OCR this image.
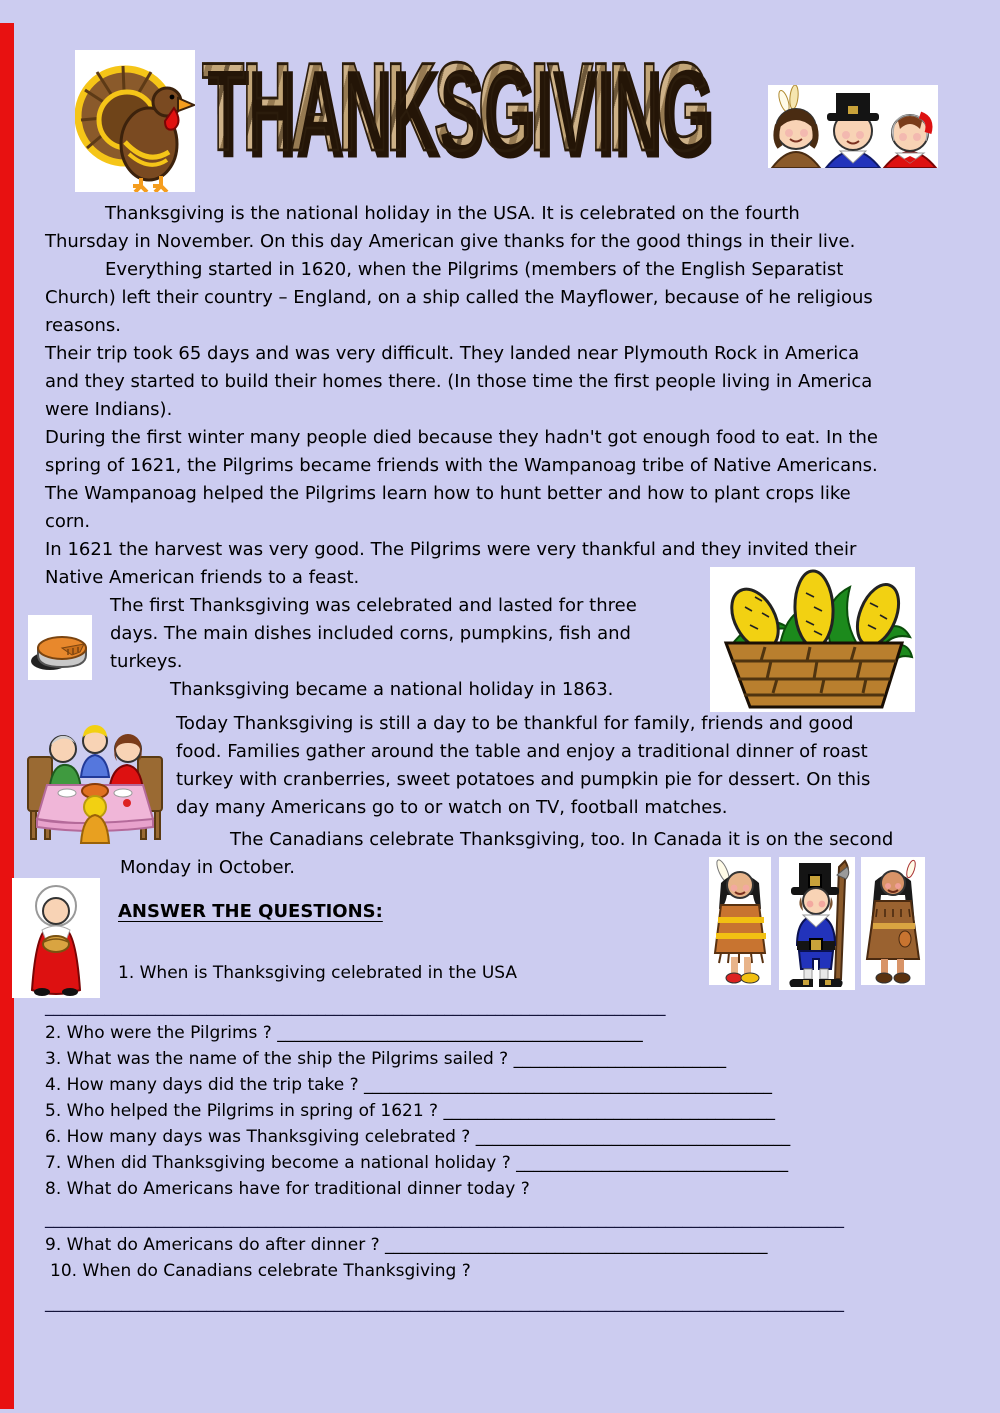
THANKSGIVING THANKSGIVING
Thanksgiving is the national holiday in the USA. It is celebrated on the fourth
Thursday in November. On this day American give thanks for the good things in their live.
Everything started in 1620, when the Pilgrims (members of the English Separatist
Church) left their country – England, on a ship called the Mayflower, because of he religious
reasons.
Their trip took 65 days and was very difficult. They landed near Plymouth Rock in America
and they started to build their homes there. (In those time the first people living in America
were Indians).
During the first winter many people died because they hadn't got enough food to eat. In the
spring of 1621, the Pilgrims became friends with the Wampanoag tribe of Native Americans.
The Wampanoag helped the Pilgrims learn how to hunt better and how to plant crops like
corn.
In 1621 the harvest was very good. The Pilgrims were very thankful and they invited their
Native American friends to a feast.
The first Thanksgiving was celebrated and lasted for three
days. The main dishes included corns, pumpkins, fish and
turkeys.
Thanksgiving became a national holiday in 1863.
Today Thanksgiving is still a day to be thankful for family, friends and good
food. Families gather around the table and enjoy a traditional dinner of roast
turkey with cranberries, sweet potatoes and pumpkin pie for dessert. On this
day many Americans go to or watch on TV, football matches.
The Canadians celebrate Thanksgiving, too. In Canada it is on the second
Monday in October.
ANSWER THE QUESTIONS:
1. When is Thanksgiving celebrated in the USA
_________________________________________________________________________
2. Who were the Pilgrims ? ___________________________________________
3. What was the name of the ship the Pilgrims sailed ? _________________________
4. How many days did the trip take ? ________________________________________________
5. Who helped the Pilgrims in spring of 1621 ? _______________________________________
6. How many days was Thanksgiving celebrated ? _____________________________________
7. When did Thanksgiving become a national holiday ? ________________________________
8. What do Americans have for traditional dinner today ?
______________________________________________________________________________________________
9. What do Americans do after dinner ? _____________________________________________
10. When do Canadians celebrate Thanksgiving ?
______________________________________________________________________________________________
